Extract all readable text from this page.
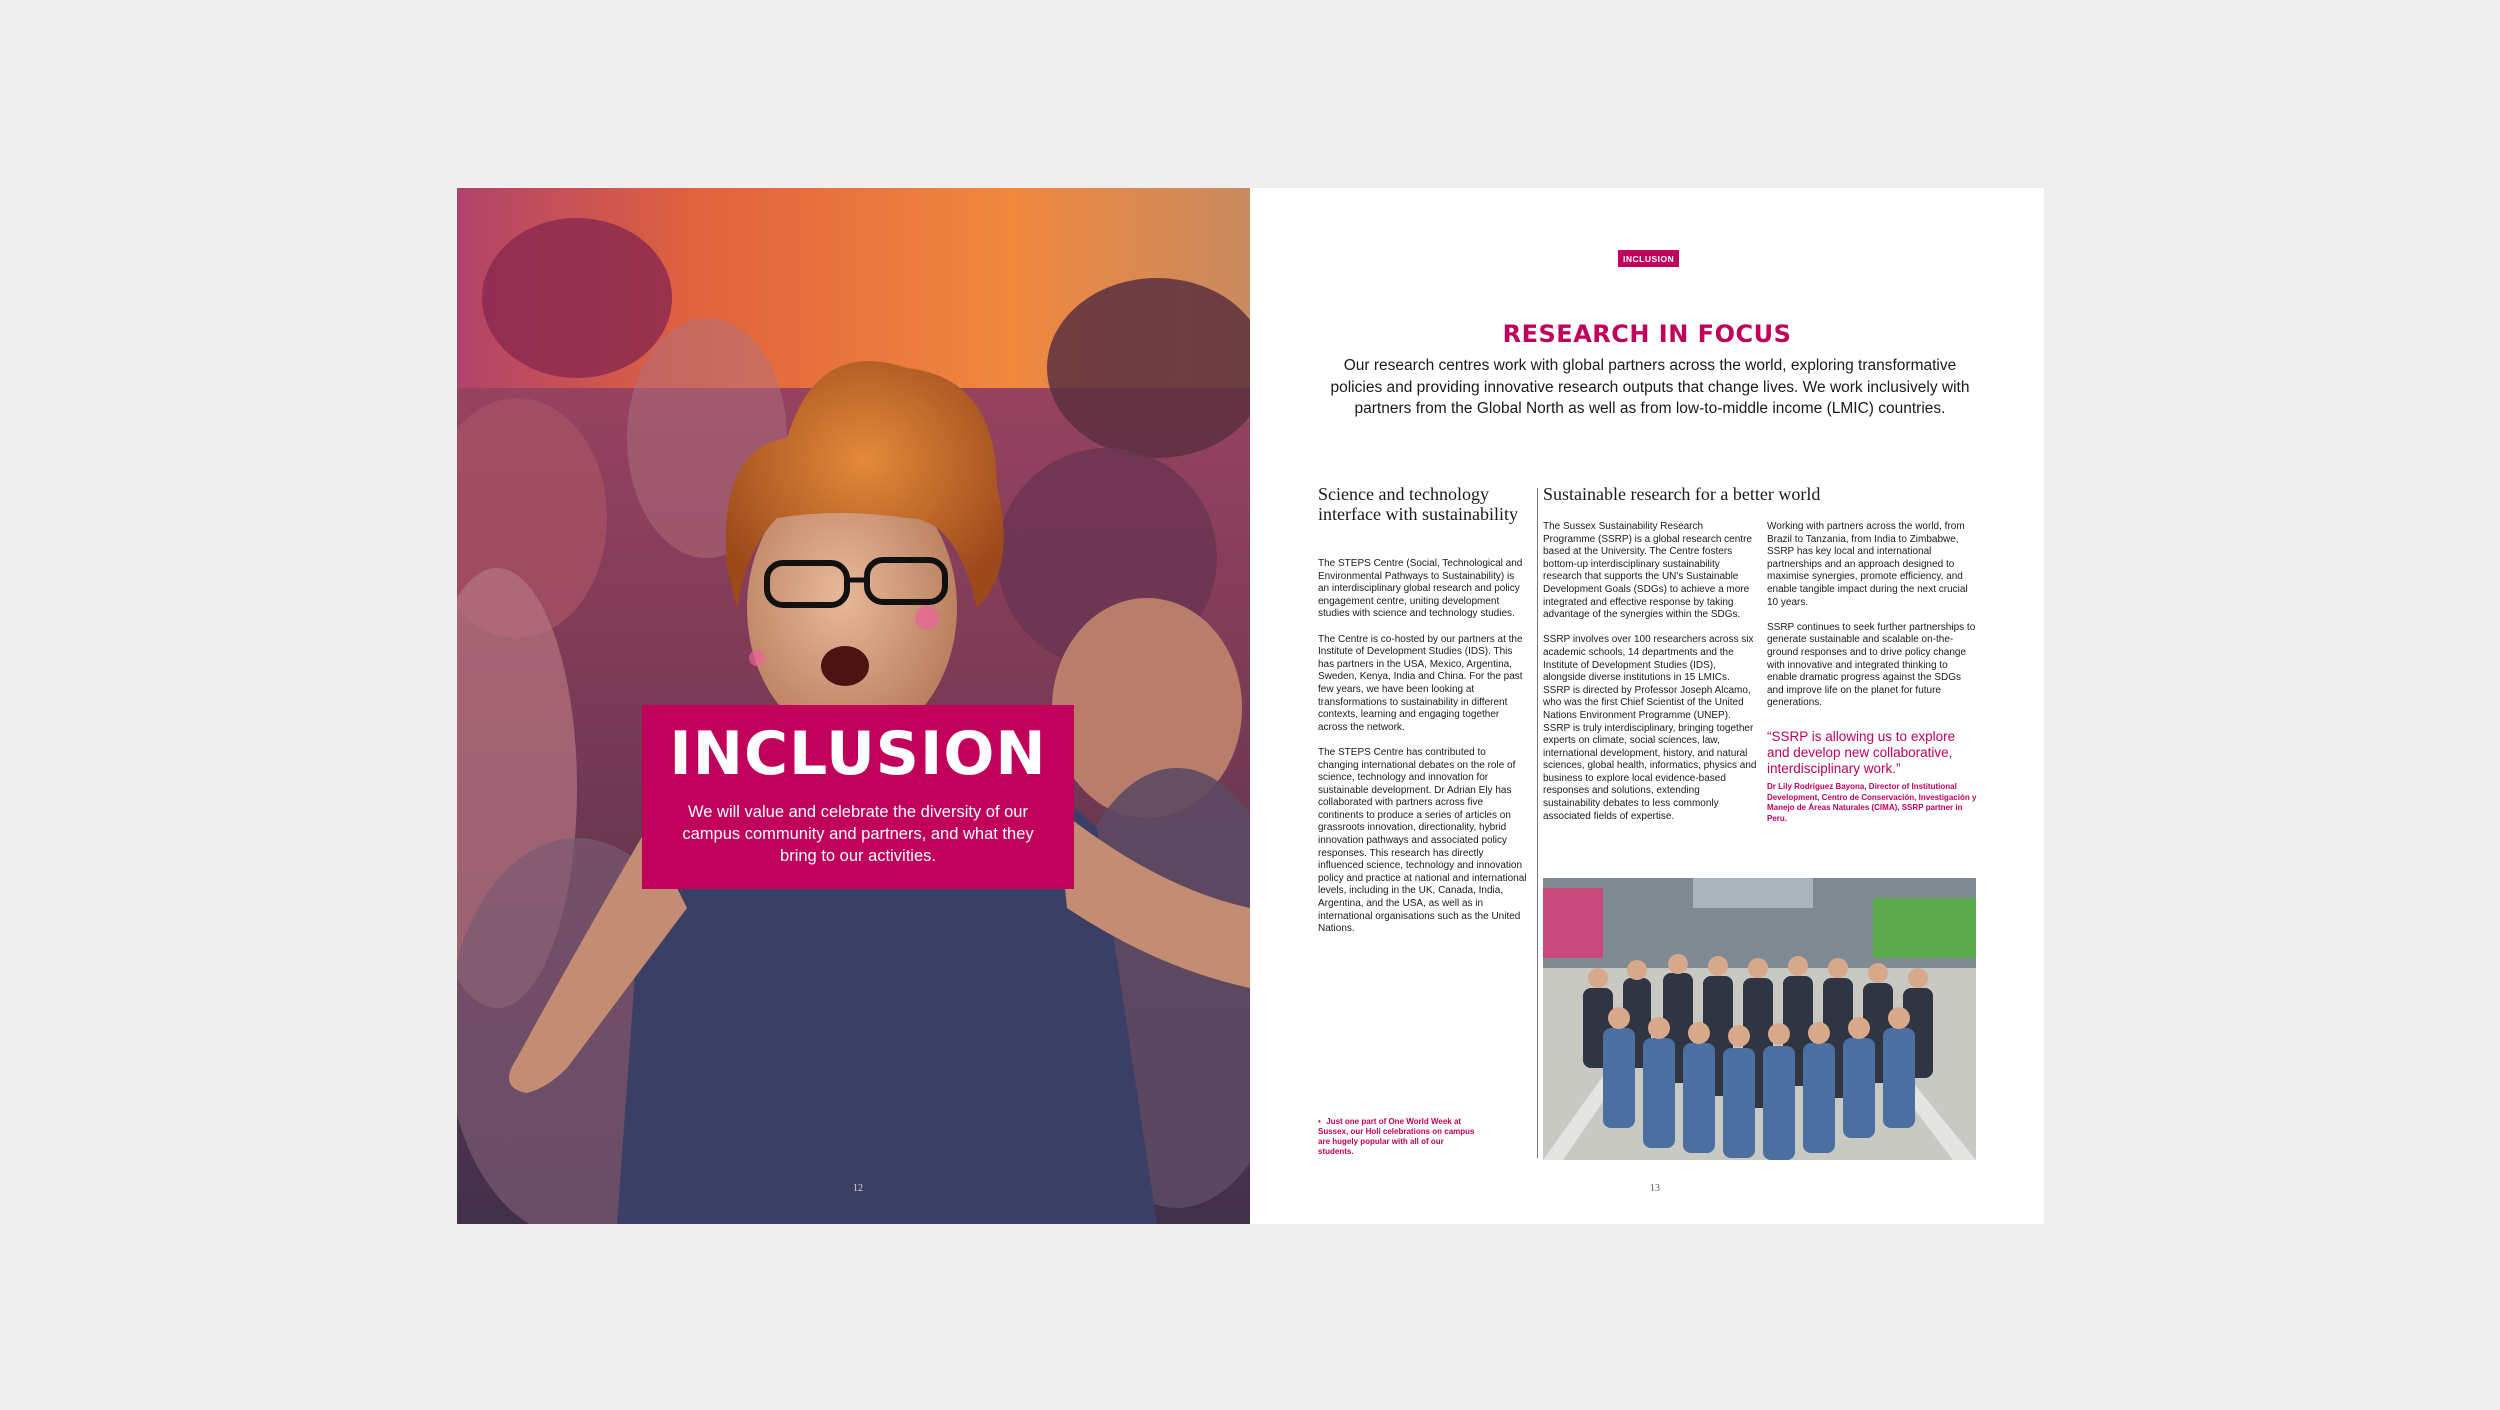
INCLUSION
We will value and celebrate the diversity of our campus community and partners, and what they bring to our activities.
12
INCLUSION
RESEARCH IN FOCUS
Our research centres work with global partners across the world, exploring transformative policies and providing innovative research outputs that change lives. We work inclusively with partners from the Global North as well as from low-to-middle income (LMIC) countries.
Science and technology interface with sustainability

The STEPS Centre (Social, Technological and Environmental Pathways to Sustainability) is an interdisciplinary global research and policy engagement centre, uniting development studies with science and technology studies.

The Centre is co-hosted by our partners at the Institute of Development Studies (IDS). This has partners in the USA, Mexico, Argentina, Sweden, Kenya, India and China. For the past few years, we have been looking at transformations to sustainability in different contexts, learning and engaging together across the network.

The STEPS Centre has contributed to changing international debates on the role of science, technology and innovation for sustainable development. Dr Adrian Ely has collaborated with partners across five continents to produce a series of articles on grassroots innovation, directionality, hybrid innovation pathways and associated policy responses. This research has directly influenced science, technology and innovation policy and practice at national and international levels, including in the UK, Canada, India, Argentina, and the USA, as well as in international organisations such as the United Nations.

Sustainable research for a better world

The Sussex Sustainability Research Programme (SSRP) is a global research centre based at the University. The Centre fosters bottom-up interdisciplinary sustainability research that supports the UN's Sustainable Development Goals (SDGs) to achieve a more integrated and effective response by taking advantage of the synergies within the SDGs.

SSRP involves over 100 researchers across six academic schools, 14 departments and the Institute of Development Studies (IDS), alongside diverse institutions in 15 LMICs. SSRP is directed by Professor Joseph Alcamo, who was the first Chief Scientist of the United Nations Environment Programme (UNEP). SSRP is truly interdisciplinary, bringing together experts on climate, social sciences, law, international development, history, and natural sciences, global health, informatics, physics and business to explore local evidence-based responses and solutions, extending sustainability debates to less commonly associated fields of expertise.

Working with partners across the world, from Brazil to Tanzania, from India to Zimbabwe, SSRP has key local and international partnerships and an approach designed to maximise synergies, promote efficiency, and enable tangible impact during the next crucial 10 years.

SSRP continues to seek further partnerships to generate sustainable and scalable on-the-ground responses and to drive policy change with innovative and integrated thinking to enable dramatic progress against the SDGs and improve life on the planet for future generations.

“SSRP is allowing us to explore and develop new collaborative, interdisciplinary work.”
Dr Lily Rodriguez Bayona, Director of Institutional Development, Centro de Conservación, Investigación y Manejo de Áreas Naturales (CIMA), SSRP partner in Peru.
• Just one part of One World Week at Sussex, our Holi celebrations on campus are hugely popular with all of our students.
13
